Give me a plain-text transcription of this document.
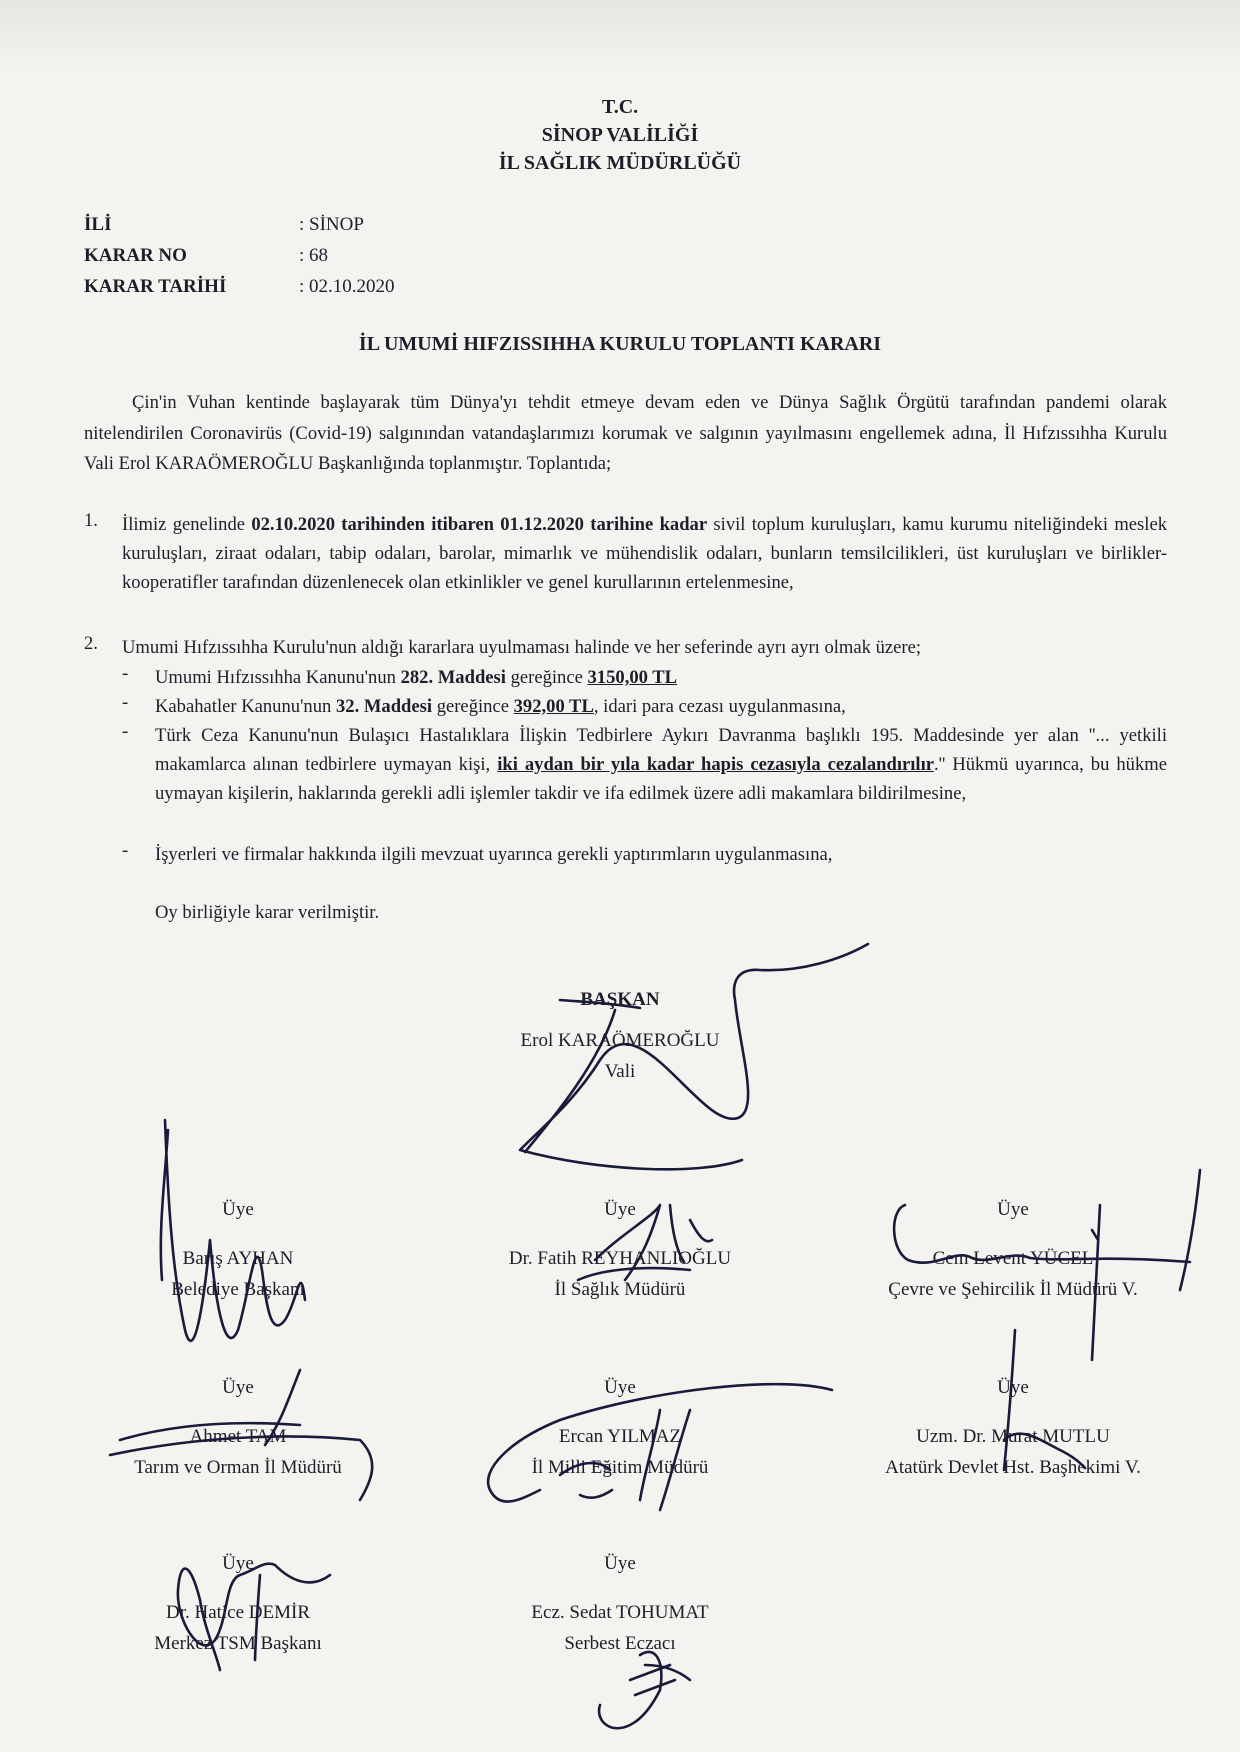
T.C.
SİNOP VALİLİĞİ
İL SAĞLIK MÜDÜRLÜĞÜ
İLİ	: SİNOP
KARAR NO	: 68
KARAR TARİHİ	: 02.10.2020
İL UMUMİ HIFZISSIHHA KURULU TOPLANTI KARARI
Çin'in Vuhan kentinde başlayarak tüm Dünya'yı tehdit etmeye devam eden ve Dünya Sağlık Örgütü tarafından pandemi olarak nitelendirilen Coronavirüs (Covid-19) salgınından vatandaşlarımızı korumak ve salgının yayılmasını engellemek adına, İl Hıfzıssıhha Kurulu Vali Erol KARAÖMEROĞLU Başkanlığında toplanmıştır. Toplantıda;
1. İlimiz genelinde 02.10.2020 tarihinden itibaren 01.12.2020 tarihine kadar sivil toplum kuruluşları, kamu kurumu niteliğindeki meslek kuruluşları, ziraat odaları, tabip odaları, barolar, mimarlık ve mühendislik odaları, bunların temsilcilikleri, üst kuruluşları ve birlikler-kooperatifler tarafından düzenlenecek olan etkinlikler ve genel kurullarının ertelenmesine,
2. Umumi Hıfzıssıhha Kurulu'nun aldığı kararlara uyulmaması halinde ve her seferinde ayrı ayrı olmak üzere;
- Umumi Hıfzıssıhha Kanunu'nun 282. Maddesi gereğince 3150,00 TL
- Kabahatler Kanunu'nun 32. Maddesi gereğince 392,00 TL, idari para cezası uygulanmasına,
- Türk Ceza Kanunu'nun Bulaşıcı Hastalıklara İlişkin Tedbirlere Aykırı Davranma başlıklı 195. Maddesinde yer alan ''... yetkili makamlarca alınan tedbirlere uymayan kişi, iki aydan bir yıla kadar hapis cezasıyla cezalandırılır.'' Hükmü uyarınca, bu hükme uymayan kişilerin, haklarında gerekli adli işlemler takdir ve ifa edilmek üzere adli makamlara bildirilmesine,
- İşyerleri ve firmalar hakkında ilgili mevzuat uyarınca gerekli yaptırımların uygulanmasına,
Oy birliğiyle karar verilmiştir.
BAŞKAN
Erol KARAÖMEROĞLU
Vali
Üye
Barış AYHAN
Belediye Başkanı
Üye
Dr. Fatih REYHANLIOĞLU
İl Sağlık Müdürü
Üye
Cem Levent YÜCEL
Çevre ve Şehircilik İl Müdürü V.
Üye
Ahmet TAM
Tarım ve Orman İl Müdürü
Üye
Ercan YILMAZ
İl Milli Eğitim Müdürü
Üye
Uzm. Dr. Murat MUTLU
Atatürk Devlet Hst. Başhekimi V.
Üye
Dr. Hatice DEMİR
Merkez TSM Başkanı
Üye
Ecz. Sedat TOHUMAT
Serbest Eczacı
